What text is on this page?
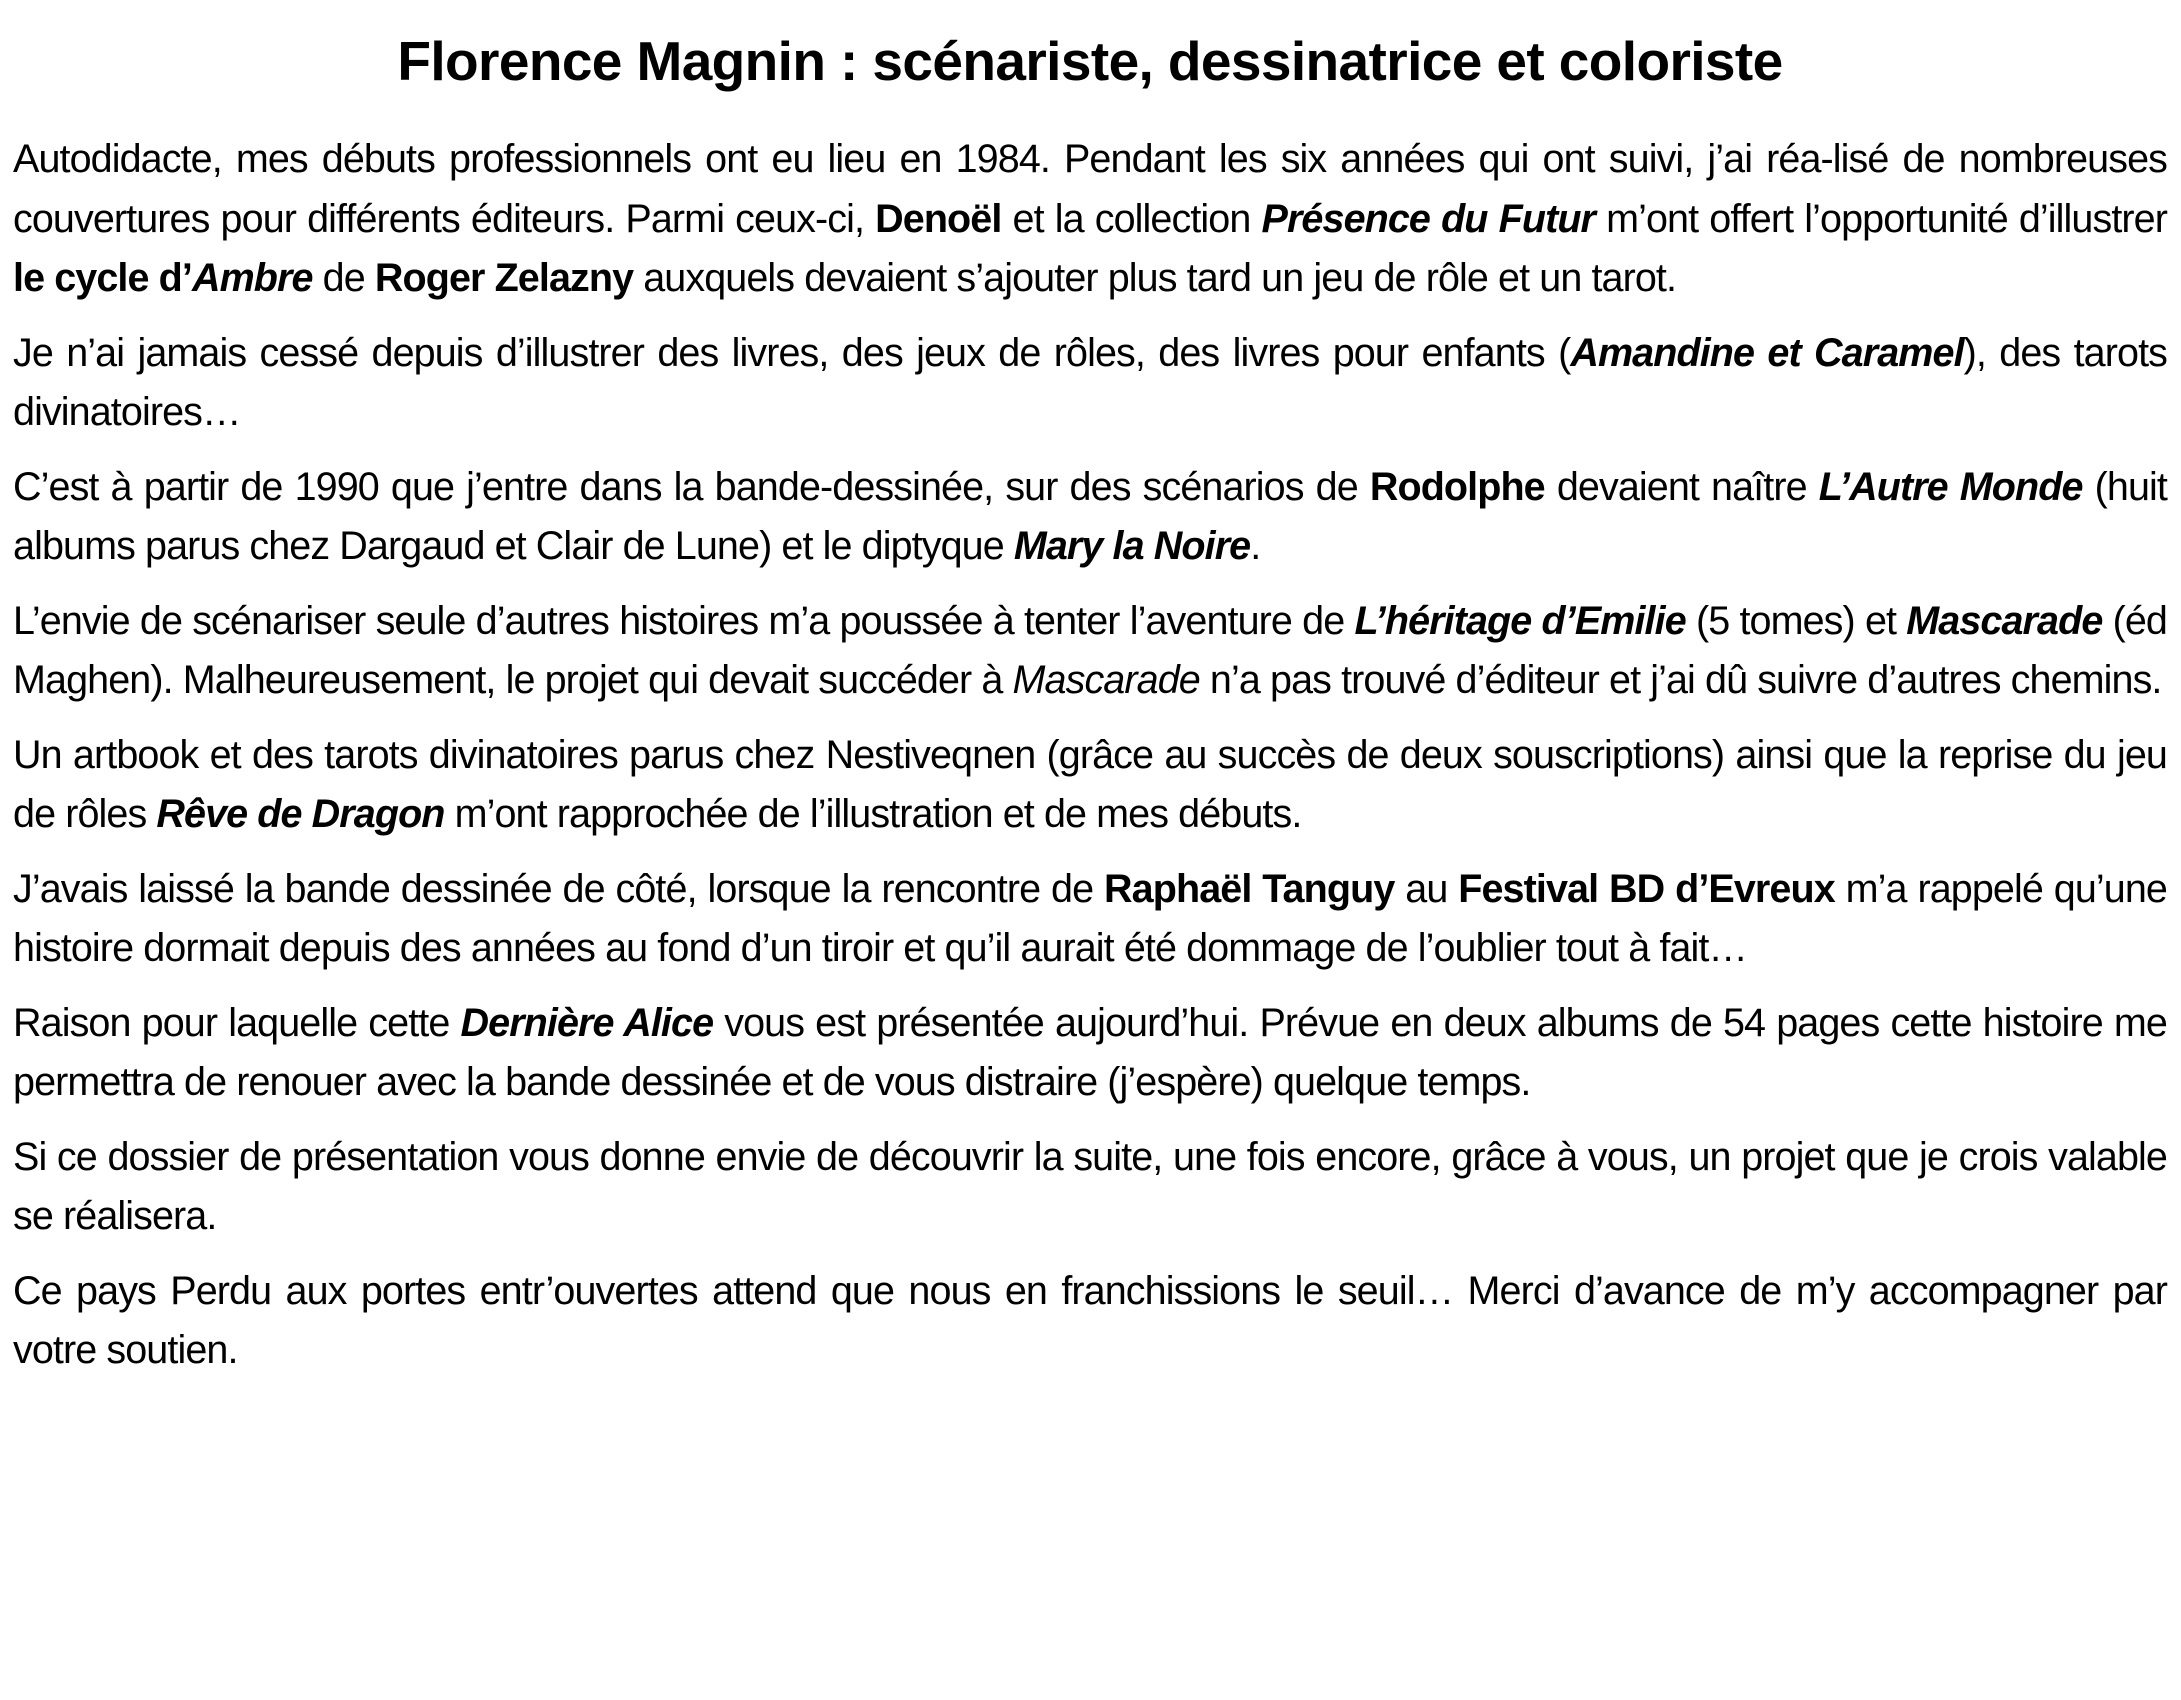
Florence Magnin : scénariste, dessinatrice et coloriste

Autodidacte, mes débuts professionnels ont eu lieu en 1984. Pendant les six années qui ont suivi, j’ai réa-lisé de nombreuses couvertures pour différents éditeurs. Parmi ceux-ci, Denoël et la collection Présence du Futur m’ont offert l’opportunité d’illustrer le cycle d’Ambre de Roger Zelazny auxquels devaient s’ajouter plus tard un jeu de rôle et un tarot.

Je n’ai jamais cessé depuis d’illustrer des livres, des jeux de rôles, des livres pour enfants (Amandine et Caramel), des tarots divinatoires…

C’est à partir de 1990 que j’entre dans la bande-dessinée, sur des scénarios de Rodolphe devaient naître L’Autre Monde (huit albums parus chez Dargaud et Clair de Lune) et le diptyque Mary la Noire.

L’envie de scénariser seule d’autres histoires m’a poussée à tenter l’aventure de L’héritage d’Emilie (5 tomes) et Mascarade (éd Maghen). Malheureusement, le projet qui devait succéder à Mascarade n’a pas trouvé d’éditeur et j’ai dû suivre d’autres chemins.

Un artbook et des tarots divinatoires parus chez Nestiveqnen (grâce au succès de deux souscriptions) ainsi que la reprise du jeu de rôles Rêve de Dragon m’ont rapprochée de l’illustration et de mes débuts.

J’avais laissé la bande dessinée de côté, lorsque la rencontre de Raphaël Tanguy au Festival BD d’Evreux m’a rappelé qu’une histoire dormait depuis des années au fond d’un tiroir et qu’il aurait été dommage de l’oublier tout à fait…

Raison pour laquelle cette Dernière Alice vous est présentée aujourd’hui. Prévue en deux albums de 54 pages cette histoire me permettra de renouer avec la bande dessinée et de vous distraire (j’espère) quelque temps.

Si ce dossier de présentation vous donne envie de découvrir la suite, une fois encore, grâce à vous, un projet que je crois valable se réalisera.

Ce pays Perdu aux portes entr’ouvertes attend que nous en franchissions le seuil… Merci d’avance de m’y accompagner par votre soutien.
